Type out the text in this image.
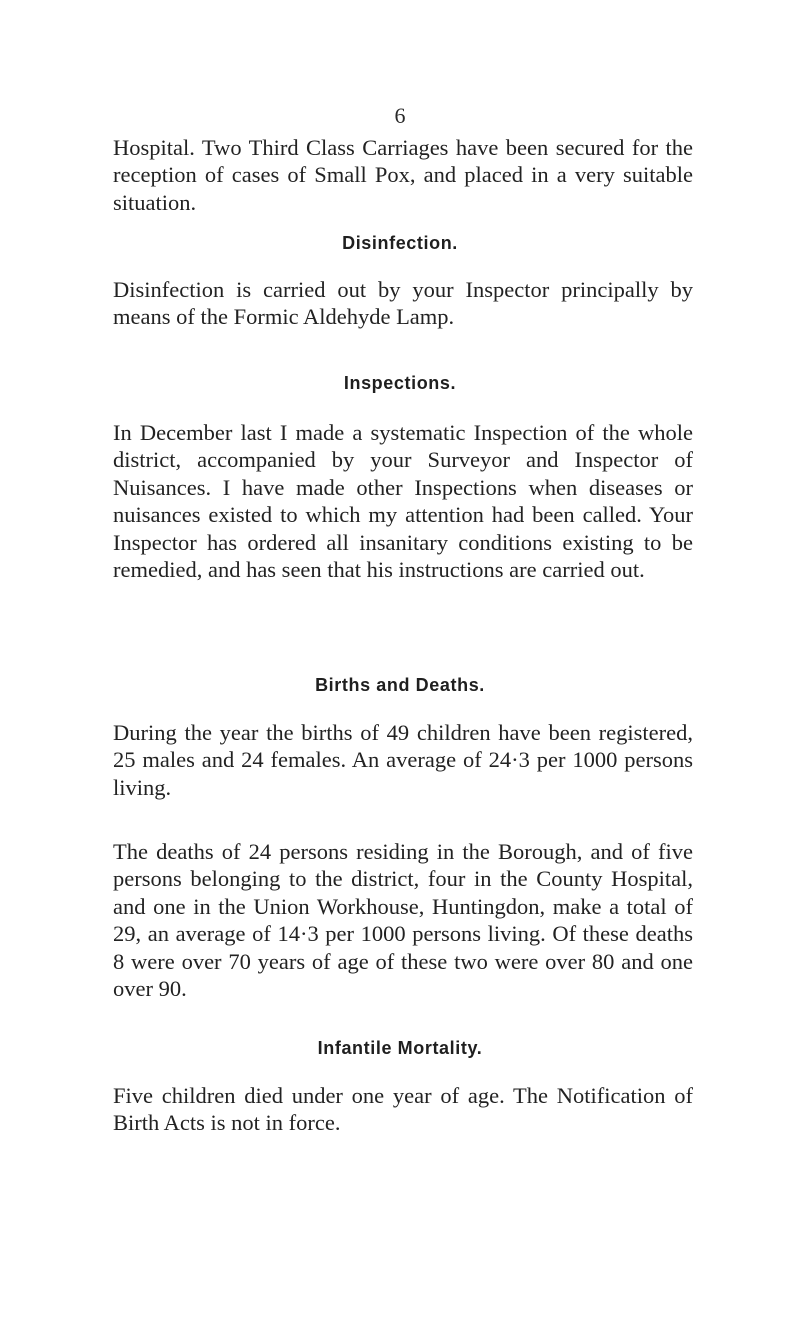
6

Hospital. Two Third Class Carriages have been secured for the reception of cases of Small Pox, and placed in a very suitable situation.

Disinfection.

Disinfection is carried out by your Inspector principally by means of the Formic Aldehyde Lamp.

Inspections.

In December last I made a systematic Inspection of the whole district, accompanied by your Surveyor and Inspector of Nuisances. I have made other Inspections when diseases or nuisances existed to which my attention had been called. Your Inspector has ordered all insanitary conditions existing to be remedied, and has seen that his instructions are carried out.

Births and Deaths.

During the year the births of 49 children have been registered, 25 males and 24 females. An average of 24·3 per 1000 persons living.

The deaths of 24 persons residing in the Borough, and of five persons belonging to the district, four in the County Hospital, and one in the Union Workhouse, Huntingdon, make a total of 29, an average of 14·3 per 1000 persons living. Of these deaths 8 were over 70 years of age of these two were over 80 and one over 90.

Infantile Mortality.

Five children died under one year of age. The Notification of Birth Acts is not in force.
